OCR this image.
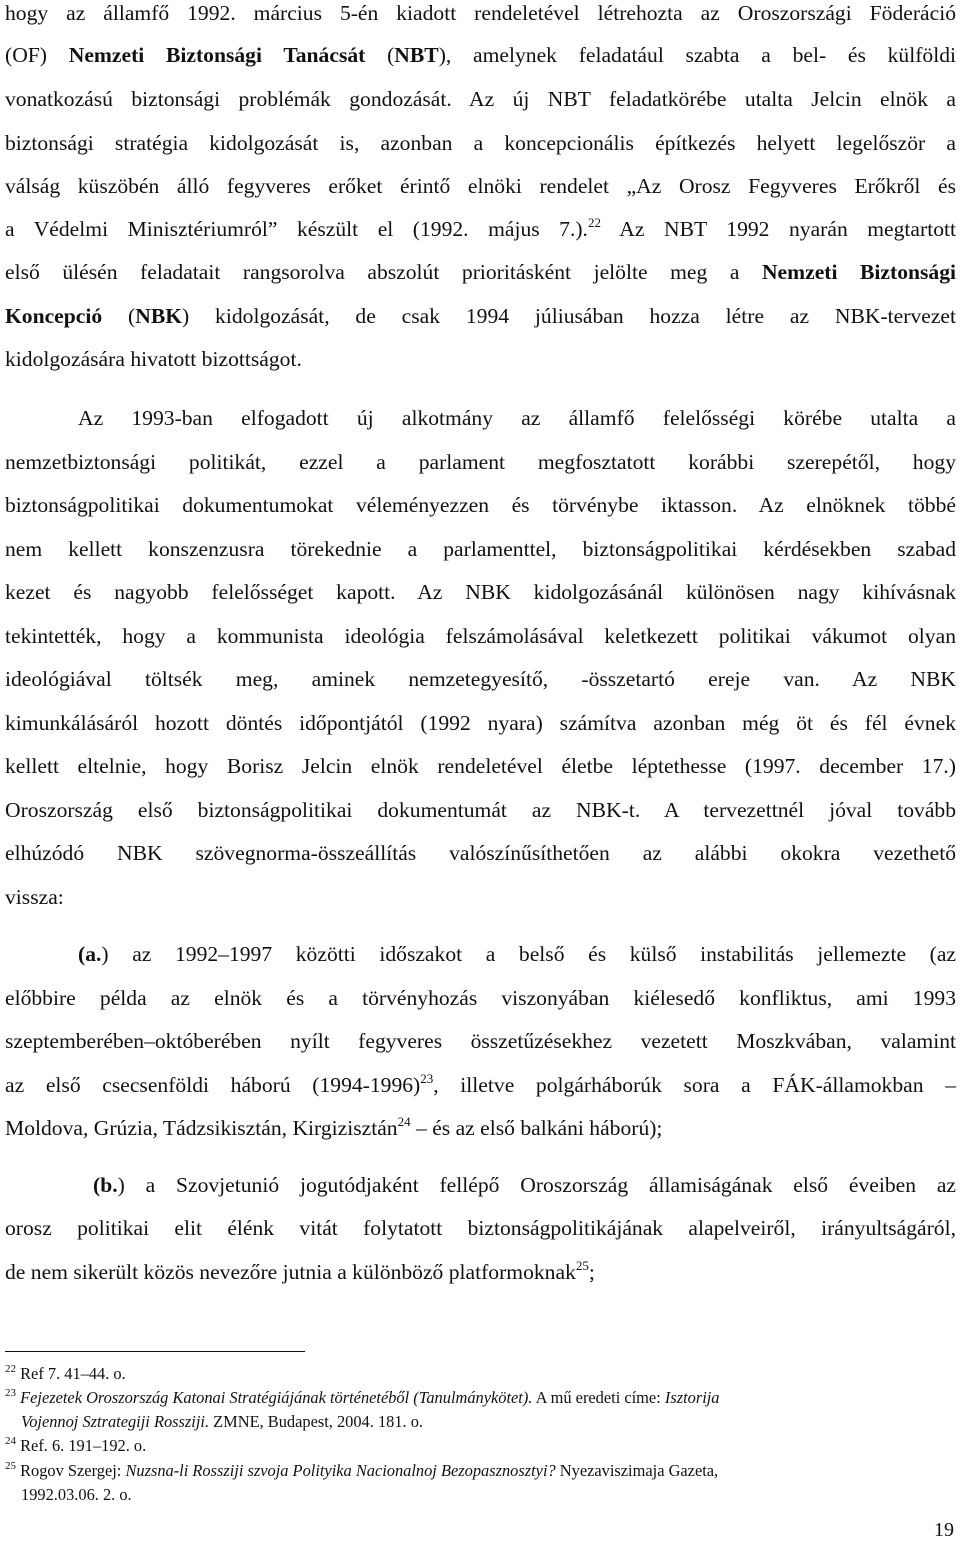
hogy az államfő 1992. március 5-én kiadott rendeletével létrehozta az Oroszországi Föderáció

(OF) Nemzeti Biztonsági Tanácsát (NBT), amelynek feladatául szabta a bel- és külföldi

vonatkozású biztonsági problémák gondozását. Az új NBT feladatkörébe utalta Jelcin elnök a

biztonsági stratégia kidolgozását is, azonban a koncepcionális építkezés helyett legelőször a

válság küszöbén álló fegyveres erőket érintő elnöki rendelet „Az Orosz Fegyveres Erőkről és

a Védelmi Minisztériumról” készült el (1992. május 7.).$^{22}$ Az NBT 1992 nyarán megtartott

első ülésén feladatait rangsorolva abszolút prioritásként jelölte meg a Nemzeti Biztonsági

Koncepció (NBK) kidolgozását, de csak 1994 júliusában hozza létre az NBK-tervezet

kidolgozására hivatott bizottságot.

Az 1993-ban elfogadott új alkotmány az államfő felelősségi körébe utalta a

nemzetbiztonsági politikát, ezzel a parlament megfosztatott korábbi szerepétől, hogy

biztonságpolitikai dokumentumokat véleményezzen és törvénybe iktasson. Az elnöknek többé

nem kellett konszenzusra törekednie a parlamenttel, biztonságpolitikai kérdésekben szabad

kezet és nagyobb felelősséget kapott. Az NBK kidolgozásánál különösen nagy kihívásnak

tekintették, hogy a kommunista ideológia felszámolásával keletkezett politikai vákumot olyan

ideológiával töltsék meg, aminek nemzetegyesítő, -összetartó ereje van. Az NBK

kimunkálásáról hozott döntés időpontjától (1992 nyara) számítva azonban még öt és fél évnek

kellett eltelnie, hogy Borisz Jelcin elnök rendeletével életbe léptethesse (1997. december 17.)

Oroszország első biztonságpolitikai dokumentumát az NBK-t. A tervezettnél jóval tovább

elhúzódó NBK szövegnorma-összeállítás valószínűsíthetően az alábbi okokra vezethető

vissza:

(a.) az 1992–1997 közötti időszakot a belső és külső instabilitás jellemezte (az

előbbire példa az elnök és a törvényhozás viszonyában kiélesedő konfliktus, ami 1993

szeptemberében–októberében nyílt fegyveres összetűzésekhez vezetett Moszkvában, valamint

az első csecsenföldi háború (1994-1996)$^{23}$, illetve polgárháborúk sora a FÁK-államokban –

Moldova, Grúzia, Tádzsikisztán, Kirgizisztán$^{24}$ – és az első balkáni háború);

(b.) a Szovjetunió jogutódjaként fellépő Oroszország államiságának első éveiben az

orosz politikai elit élénk vitát folytatott biztonságpolitikájának alapelveiről, irányultságáról,

de nem sikerült közös nevezőre jutnia a különböző platformoknak$^{25}$;

$^{22}$ Ref 7. 41–44. o.

$^{23}$ Fejezetek Oroszország Katonai Stratégiájának történetéből (Tanulmánykötet). A mű eredeti címe: Isztorija

Vojennoj Sztrategiji Rossziji. ZMNE, Budapest, 2004. 181. o.

$^{24}$ Ref. 6. 191–192. o.

$^{25}$ Rogov Szergej: Nuzsna-li Rossziji szvoja Polityika Nacionalnoj Bezopasznosztyi? Nyezaviszimaja Gazeta,

1992.03.06. 2. o.

19
